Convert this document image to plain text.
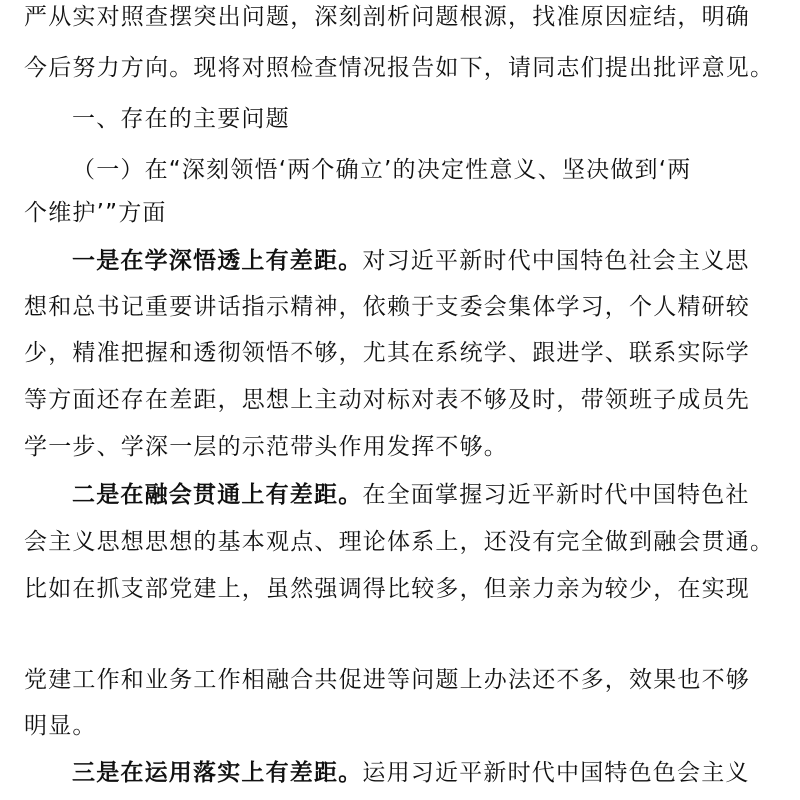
严从实对照查摆突出问题，深刻剖析问题根源，找准原因症结，明确
今后努力方向。现将对照检查情况报告如下，请同志们提出批评意见。
一、存在的主要问题
（一）在“深刻领悟‘两个确立’的决定性意义、坚决做到‘两
个维护’”方面
一是在学深悟透上有差距。对习近平新时代中国特色社会主义思
想和总书记重要讲话指示精神，依赖于支委会集体学习，个人精研较
少，精准把握和透彻领悟不够，尤其在系统学、跟进学、联系实际学
等方面还存在差距，思想上主动对标对表不够及时，带领班子成员先
学一步、学深一层的示范带头作用发挥不够。
二是在融会贯通上有差距。在全面掌握习近平新时代中国特色社
会主义思想思想的基本观点、理论体系上，还没有完全做到融会贯通。
比如在抓支部党建上，虽然强调得比较多，但亲力亲为较少，在实现
党建工作和业务工作相融合共促进等问题上办法还不多，效果也不够
明显。
三是在运用落实上有差距。运用习近平新时代中国特色色会主义
